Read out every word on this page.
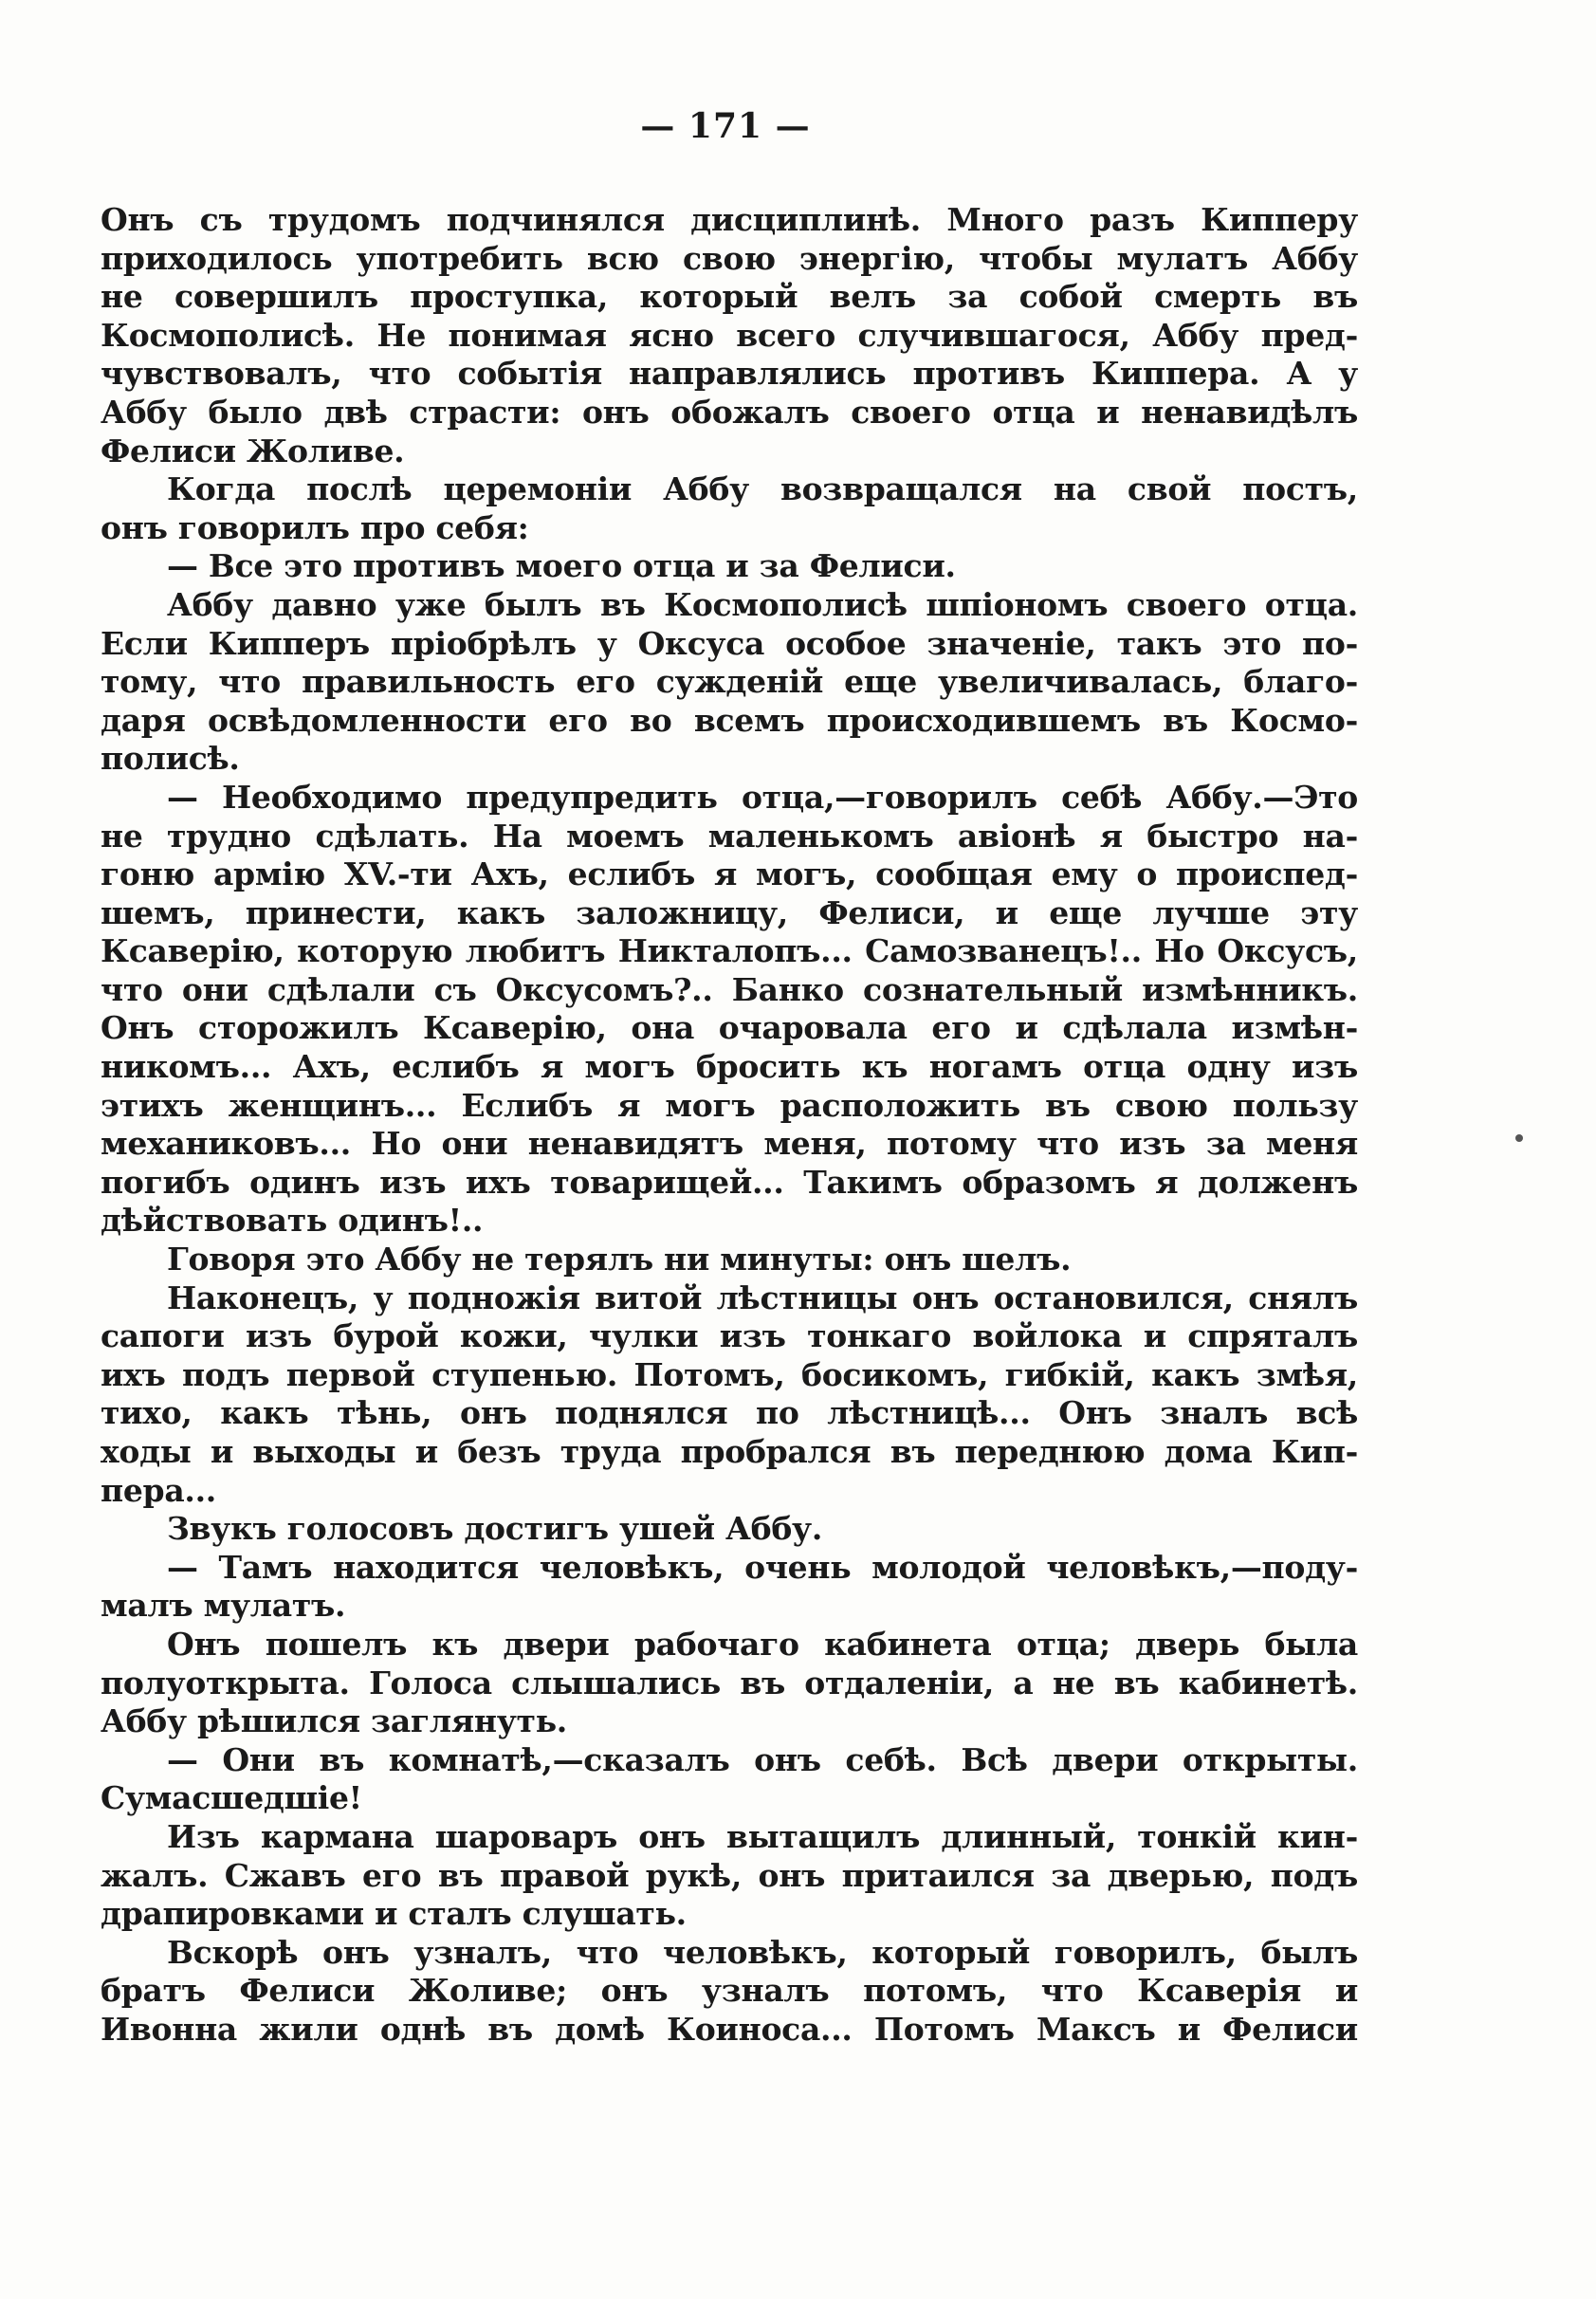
— 171 —
Онъ съ трудомъ подчинялся дисциплинѣ. Много разъ Кипперу
приходилось употребить всю свою энергію, чтобы мулатъ Аббу
не совершилъ проступка, который велъ за собой смерть въ
Космополисѣ. Не понимая ясно всего случившагося, Аббу пред-
чувствовалъ, что событія направлялись противъ Киппера. А у
Аббу было двѣ страсти: онъ обожалъ своего отца и ненавидѣлъ
Фелиси Жоливе.
Когда послѣ церемоніи Аббу возвращался на свой постъ,
онъ говорилъ про себя:
— Все это противъ моего отца и за Фелиси.
Аббу давно уже былъ въ Космополисѣ шпіономъ своего отца.
Если Кипперъ пріобрѣлъ у Оксуса особое значеніе, такъ это по-
тому, что правильность его сужденій еще увеличивалась, благо-
даря освѣдомленности его во всемъ происходившемъ въ Космо-
полисѣ.
— Необходимо предупредить отца,—говорилъ себѣ Аббу.—Это
не трудно сдѣлать. На моемъ маленькомъ авіонѣ я быстро на-
гоню армію XV.-ти Ахъ, еслибъ я могъ, сообщая ему о происпед-
шемъ, принести, какъ заложницу, Фелиси, и еще лучше эту
Ксаверію, которую любитъ Никталопъ... Самозванецъ!.. Но Оксусъ,
что они сдѣлали съ Оксусомъ?.. Банко сознательный измѣнникъ.
Онъ сторожилъ Ксаверію, она очаровала его и сдѣлала измѣн-
никомъ... Ахъ, еслибъ я могъ бросить къ ногамъ отца одну изъ
этихъ женщинъ... Еслибъ я могъ расположить въ свою пользу
механиковъ... Но они ненавидятъ меня, потому что изъ за меня
погибъ одинъ изъ ихъ товарищей... Такимъ образомъ я долженъ
дѣйствовать одинъ!..
Говоря это Аббу не терялъ ни минуты: онъ шелъ.
Наконецъ, у подножія витой лѣстницы онъ остановился, снялъ
сапоги изъ бурой кожи, чулки изъ тонкаго войлока и спряталъ
ихъ подъ первой ступенью. Потомъ, босикомъ, гибкій, какъ змѣя,
тихо, какъ тѣнь, онъ поднялся по лѣстницѣ... Онъ зналъ всѣ
ходы и выходы и безъ труда пробрался въ переднюю дома Кип-
пера...
Звукъ голосовъ достигъ ушей Аббу.
— Тамъ находится человѣкъ, очень молодой человѣкъ,—поду-
малъ мулатъ.
Онъ пошелъ къ двери рабочаго кабинета отца; дверь была
полуоткрыта. Голоса слышались въ отдаленіи, а не въ кабинетѣ.
Аббу рѣшился заглянуть.
— Они въ комнатѣ,—сказалъ онъ себѣ. Всѣ двери открыты.
Сумасшедшіе!
Изъ кармана шароваръ онъ вытащилъ длинный, тонкій кин-
жалъ. Сжавъ его въ правой рукѣ, онъ притаился за дверью, подъ
драпировками и сталъ слушать.
Вскорѣ онъ узналъ, что человѣкъ, который говорилъ, былъ
братъ Фелиси Жоливе; онъ узналъ потомъ, что Ксаверія и
Ивонна жили однѣ въ домѣ Коиноса... Потомъ Максъ и Фелиси
